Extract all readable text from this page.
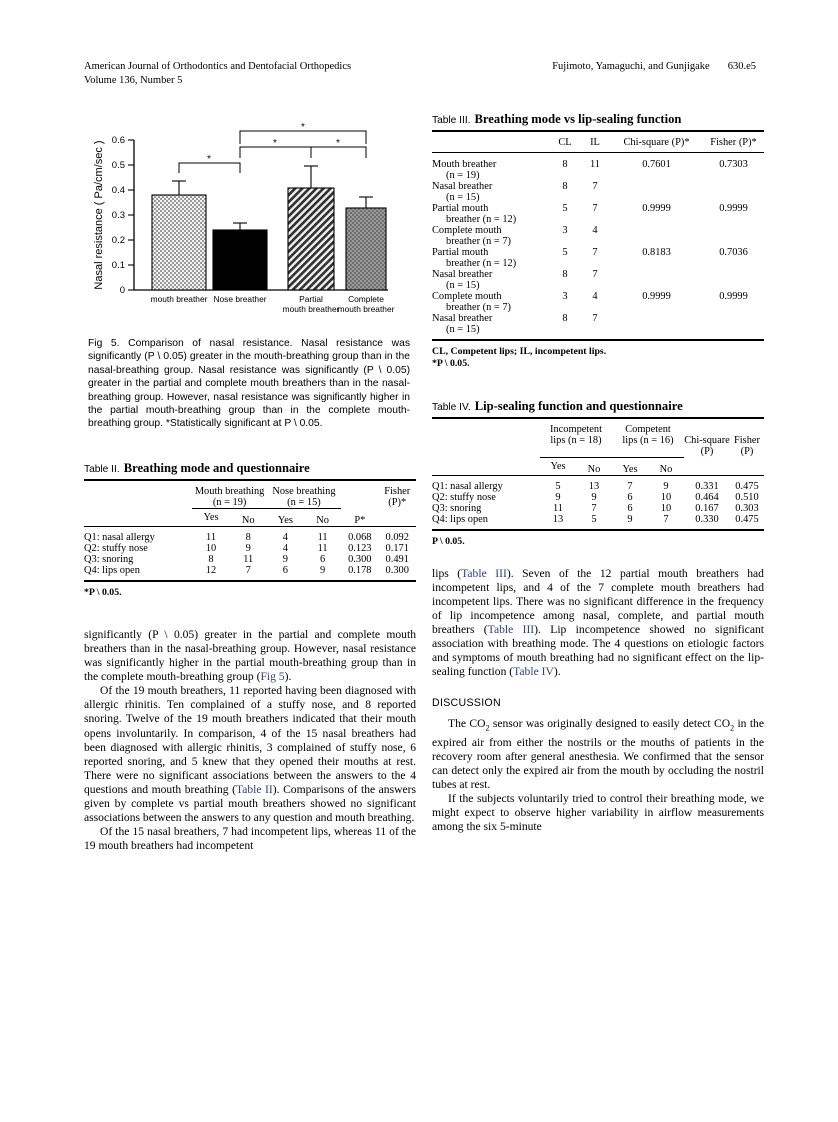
American Journal of Orthodontics and Dentofacial Orthopedics
Volume 136, Number 5
Fujimoto, Yamaguchi, and Gunjigake 630.e5
0
0.1
0.2
0.3
0.4
0.5
0.6
Nasal resistance ( Pa/cm/sec )	*
*	*
*
mouth breather Nose breather	Partial
mouth breather
Complete
mouth breather
Fig 5. Comparison of nasal resistance. Nasal resistance was significantly (P \ 0.05) greater in the mouth-breathing group than in the nasal-breathing group. Nasal resistance was significantly (P \ 0.05) greater in the partial and complete mouth breathers than in the nasal-breathing group. However, nasal resistance was significantly higher in the partial mouth-breathing group than in the complete mouth-breathing group. *Statistically significant at P \ 0.05.
Table II. Breathing mode and questionnaire
	Mouth breathing		Nose breathing		P*	Fisher
	(n = 19)		(n = 15)			(P)*
	Yes	No	Yes	No		
Q1: nasal allergy	11	8	4	11	0.068	0.092
Q2: stuffy nose	10	9	4	11	0.123	0.171
Q3: snoring	8	11	9	6	0.300	0.491
Q4: lips open	12	7	6	9	0.178	0.300
*P \ 0.05.

significantly (P \ 0.05) greater in the partial and complete mouth breathers than in the nasal-breathing group. However, nasal resistance was significantly higher in the partial mouth-breathing group than in the complete mouth-breathing group (Fig 5).

Of the 19 mouth breathers, 11 reported having been diagnosed with allergic rhinitis. Ten complained of a stuffy nose, and 8 reported snoring. Twelve of the 19 mouth breathers indicated that their mouth opens involuntarily. In comparison, 4 of the 15 nasal breathers had been diagnosed with allergic rhinitis, 3 complained of stuffy nose, 6 reported snoring, and 5 knew that they opened their mouths at rest. There were no significant associations between the answers to the 4 questions and mouth breathing (Table II). Comparisons of the answers given by complete vs partial mouth breathers showed no significant associations between the answers to any question and mouth breathing.

Of the 15 nasal breathers, 7 had incompetent lips, whereas 11 of the 19 mouth breathers had incompetent

Table III. Breathing mode vs lip-sealing function
	CL	IL	Chi-square (P)*	Fisher (P)*
Mouth breather	8	11	0.7601	0.7303
(n = 19)				
Nasal breather	8	7		
(n = 15)				
Partial mouth	5	7	0.9999	0.9999
breather (n = 12)				
Complete mouth	3	4		
breather (n = 7)				
Partial mouth	5	7	0.8183	0.7036
breather (n = 12)				
Nasal breather	8	7		
(n = 15)				
Complete mouth	3	4	0.9999	0.9999
breather (n = 7)				
Nasal breather	8	7		
(n = 15)				
CL, Competent lips; IL, incompetent lips.
*P \ 0.05.
Table IV. Lip-sealing function and questionnaire
	Incompetent		Competent			
	lips (n = 18)		lips (n = 16)		Chi-square	Fisher
					(P)	(P)
	Yes	No	Yes	No		
Q1: nasal allergy	5	13	7	9	0.331	0.475
Q2: stuffy nose	9	9	6	10	0.464	0.510
Q3: snoring	11	7	6	10	0.167	0.303
Q4: lips open	13	5	9	7	0.330	0.475
P \ 0.05.

lips (Table III). Seven of the 12 partial mouth breathers had incompetent lips, and 4 of the 7 complete mouth breathers had incompetent lips. There was no significant difference in the frequency of lip incompetence among nasal, complete, and partial mouth breathers (Table III). Lip incompetence showed no significant association with breathing mode. The 4 questions on etiologic factors and symptoms of mouth breathing had no significant effect on the lip-sealing function (Table IV).

DISCUSSION

The $CO_2$ sensor was originally designed to easily detect $CO_2$ in the expired air from either the nostrils or the mouths of patients in the recovery room after general anesthesia. We confirmed that the sensor can detect only the expired air from the mouth by occluding the nostril tubes at rest.

If the subjects voluntarily tried to control their breathing mode, we might expect to observe higher variability in airflow measurements among the six 5-minute
